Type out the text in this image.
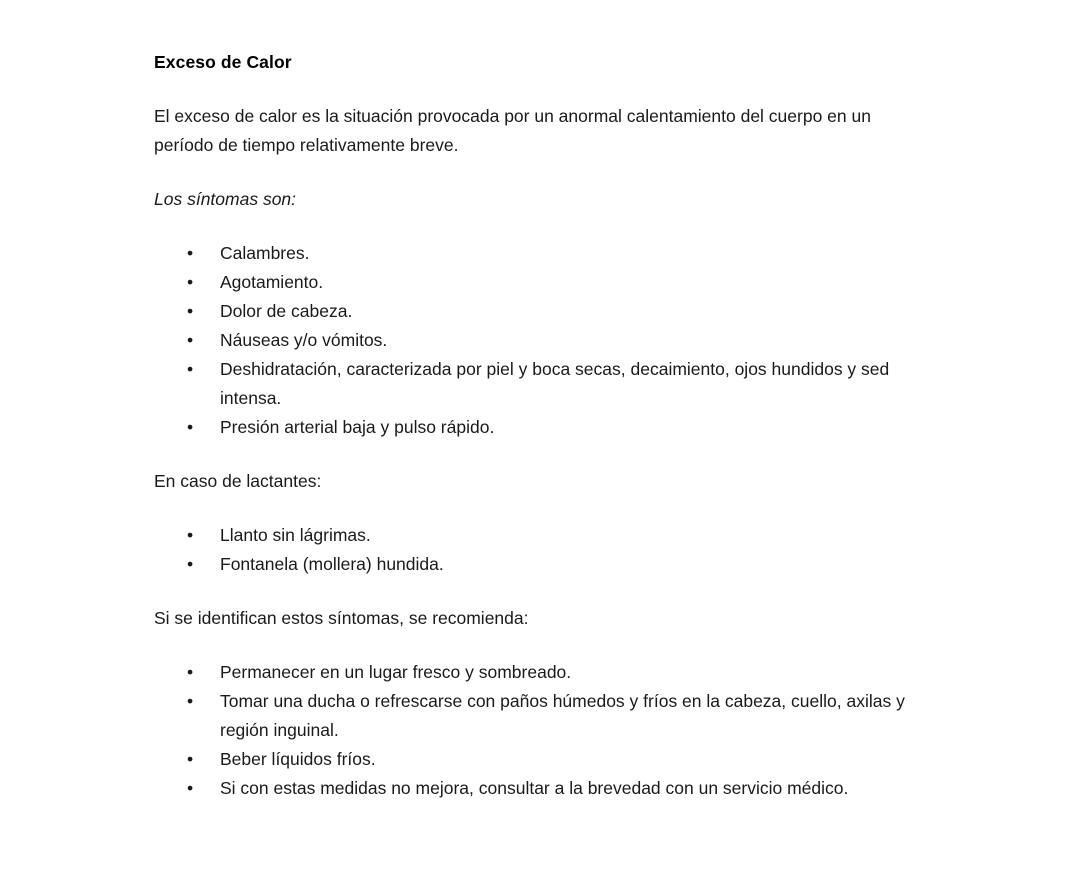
Exceso de Calor

El exceso de calor es la situación provocada por un anormal calentamiento del cuerpo en un período de tiempo relativamente breve.

Los síntomas son:

• Calambres.
• Agotamiento.
• Dolor de cabeza.
• Náuseas y/o vómitos.
• Deshidratación, caracterizada por piel y boca secas, decaimiento, ojos hundidos y sed intensa.
• Presión arterial baja y pulso rápido.

En caso de lactantes:

• Llanto sin lágrimas.
• Fontanela (mollera) hundida.

Si se identifican estos síntomas, se recomienda:

• Permanecer en un lugar fresco y sombreado.
• Tomar una ducha o refrescarse con paños húmedos y fríos en la cabeza, cuello, axilas y región inguinal.
• Beber líquidos fríos.
• Si con estas medidas no mejora, consultar a la brevedad con un servicio médico.
